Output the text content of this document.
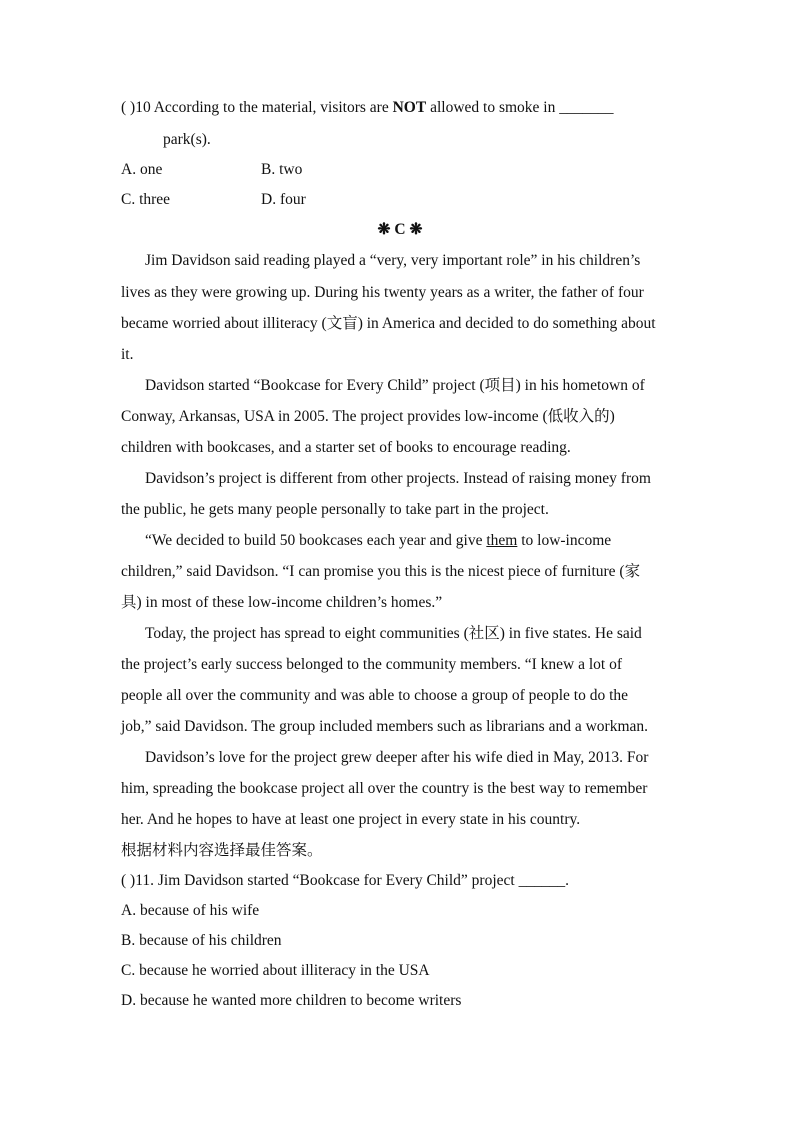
( )10 According to the material, visitors are NOT allowed to smoke in _______
park(s).
A. one	B. two
C. three	D. four
❋ C ❋
Jim Davidson said reading played a “very, very important role” in his children’s
lives as they were growing up. During his twenty years as a writer, the father of four
became worried about illiteracy (文盲) in America and decided to do something about
it.
Davidson started “Bookcase for Every Child” project (项目) in his hometown of
Conway, Arkansas, USA in 2005. The project provides low-income (低收入的)
children with bookcases, and a starter set of books to encourage reading.
Davidson’s project is different from other projects. Instead of raising money from
the public, he gets many people personally to take part in the project.
“We decided to build 50 bookcases each year and give them to low-income
children,” said Davidson. “I can promise you this is the nicest piece of furniture (家
具) in most of these low-income children’s homes.”
Today, the project has spread to eight communities (社区) in five states. He said
the project’s early success belonged to the community members. “I knew a lot of
people all over the community and was able to choose a group of people to do the
job,” said Davidson. The group included members such as librarians and a workman.
Davidson’s love for the project grew deeper after his wife died in May, 2013. For
him, spreading the bookcase project all over the country is the best way to remember
her. And he hopes to have at least one project in every state in his country.
根据材料内容选择最佳答案。
( )11. Jim Davidson started “Bookcase for Every Child” project ______.
A. because of his wife
B. because of his children
C. because he worried about illiteracy in the USA
D. because he wanted more children to become writers
